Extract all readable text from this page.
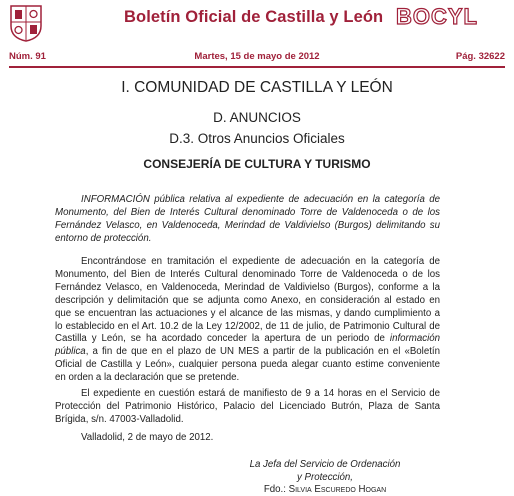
Boletín Oficial de Castilla y León BOCYL
Núm. 91	Martes, 15 de mayo de 2012	Pág. 32622
I. COMUNIDAD DE CASTILLA Y LEÓN
D. ANUNCIOS
D.3. Otros Anuncios Oficiales
CONSEJERÍA DE CULTURA Y TURISMO
INFORMACIÓN pública relativa al expediente de adecuación en la categoría de Monumento, del Bien de Interés Cultural denominado Torre de Valdenoceda o de los Fernández Velasco, en Valdenoceda, Merindad de Valdivielso (Burgos) delimitando su entorno de protección.
Encontrándose en tramitación el expediente de adecuación en la categoría de Monumento, del Bien de Interés Cultural denominado Torre de Valdenoceda o de los Fernández Velasco, en Valdenoceda, Merindad de Valdivielso (Burgos), conforme a la descripción y delimitación que se adjunta como Anexo, en consideración al estado en que se encuentran las actuaciones y el alcance de las mismas, y dando cumplimiento a lo establecido en el Art. 10.2 de la Ley 12/2002, de 11 de julio, de Patrimonio Cultural de Castilla y León, se ha acordado conceder la apertura de un periodo de información pública, a fin de que en el plazo de UN MES a partir de la publicación en el «Boletín Oficial de Castilla y León», cualquier persona pueda alegar cuanto estime conveniente en orden a la declaración que se pretende.
El expediente en cuestión estará de manifiesto de 9 a 14 horas en el Servicio de Protección del Patrimonio Histórico, Palacio del Licenciado Butrón, Plaza de Santa Brígida, s/n. 47003-Valladolid.
Valladolid, 2 de mayo de 2012.
La Jefa del Servicio de Ordenación
y Protección,
Fdo.: Silvia Escuredo Hogan
